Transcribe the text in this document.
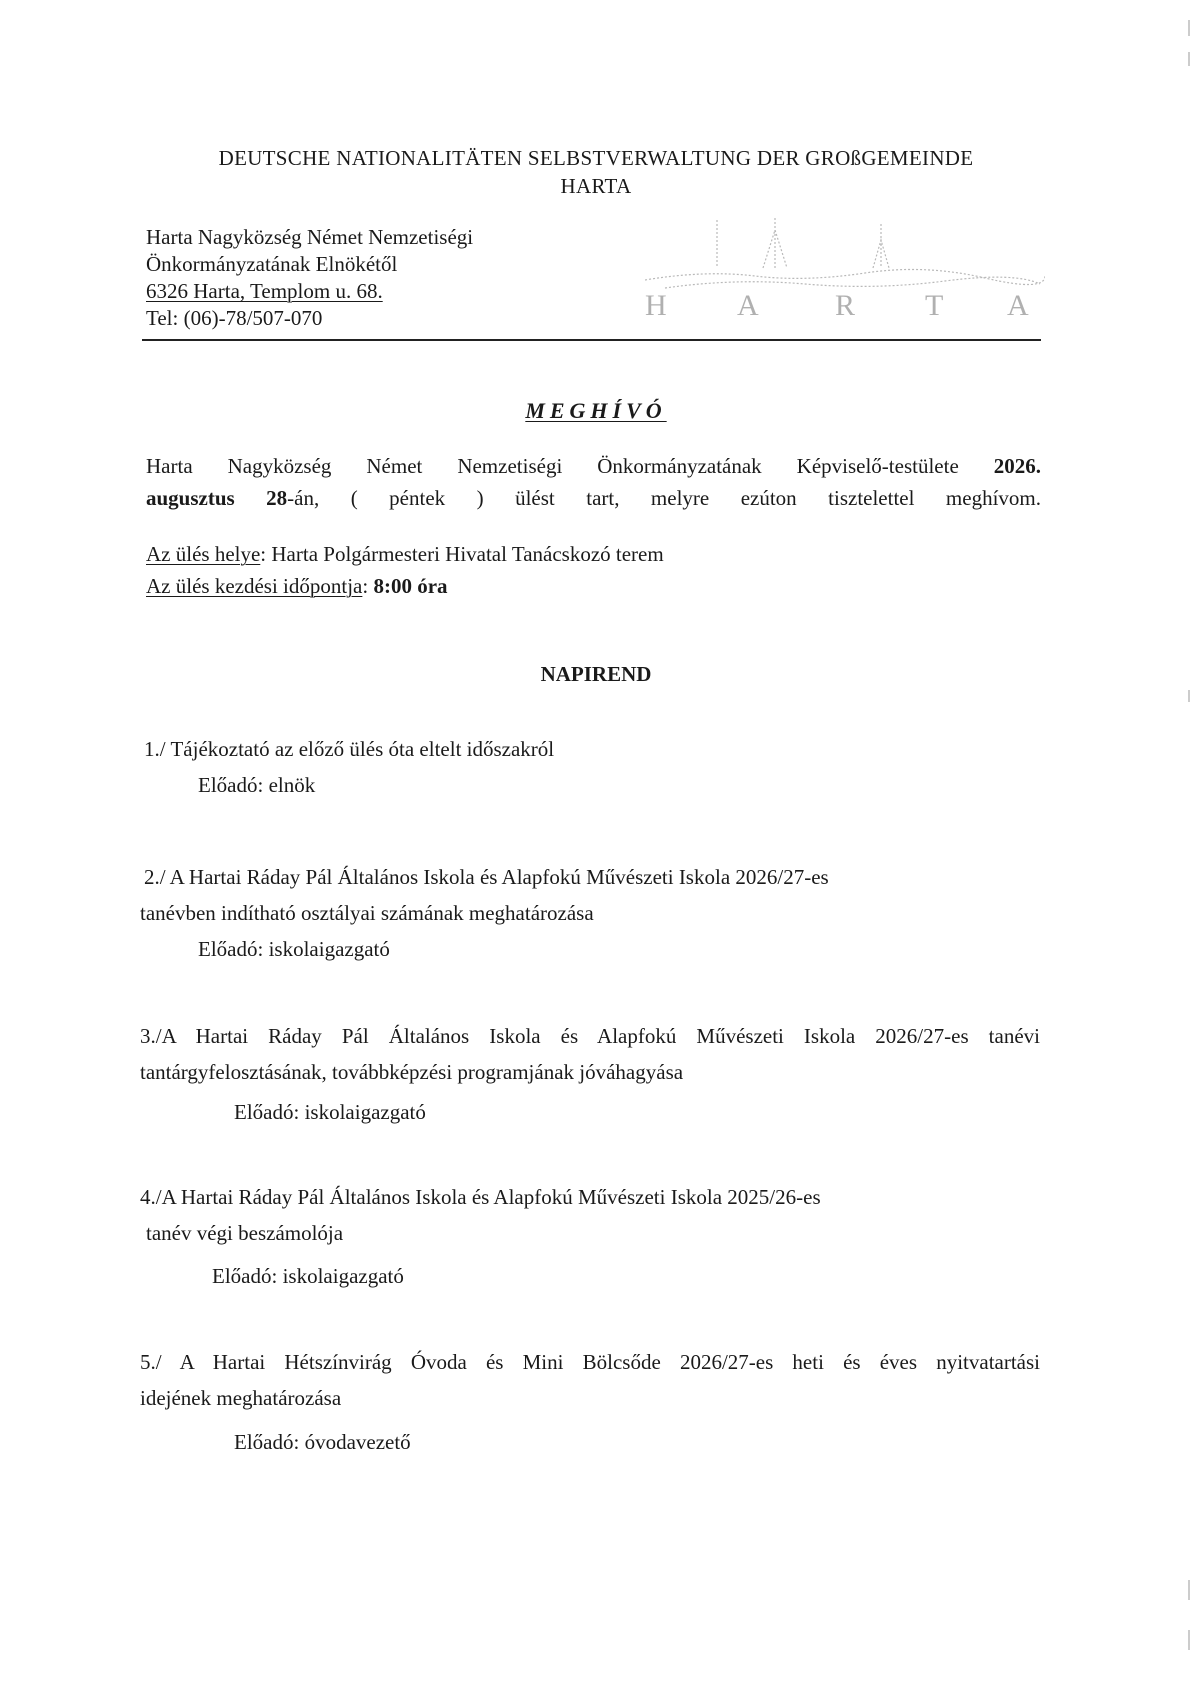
DEUTSCHE NATIONALITÄTEN SELBSTVERWALTUNG DER GROßGEMEINDE
HARTA
Harta Nagyközség Német Nemzetiségi
Önkormányzatának Elnökétől
6326 Harta, Templom u. 68.
Tel: (06)-78/507-070	H A R T A
MEGHÍVÓ
Harta Nagyközség Német Nemzetiségi Önkormányzatának Képviselő-testülete 2026.
augusztus 28-án, ( péntek ) ülést tart, melyre ezúton tisztelettel meghívom.
Az ülés helye: Harta Polgármesteri Hivatal Tanácskozó terem
Az ülés kezdési időpontja: 8:00 óra
NAPIREND
1./ Tájékoztató az előző ülés óta eltelt időszakról
Előadó: elnök
2./ A Hartai Ráday Pál Általános Iskola és Alapfokú Művészeti Iskola 2026/27-es
tanévben indítható osztályai számának meghatározása
Előadó: iskolaigazgató
3./A Hartai Ráday Pál Általános Iskola és Alapfokú Művészeti Iskola 2026/27-es tanévi
tantárgyfelosztásának, továbbképzési programjának jóváhagyása
Előadó: iskolaigazgató
4./A Hartai Ráday Pál Általános Iskola és Alapfokú Művészeti Iskola 2025/26-es
tanév végi beszámolója
Előadó: iskolaigazgató
5./ A Hartai Hétszínvirág Óvoda és Mini Bölcsőde 2026/27-es heti és éves nyitvatartási
idejének meghatározása
Előadó: óvodavezető
